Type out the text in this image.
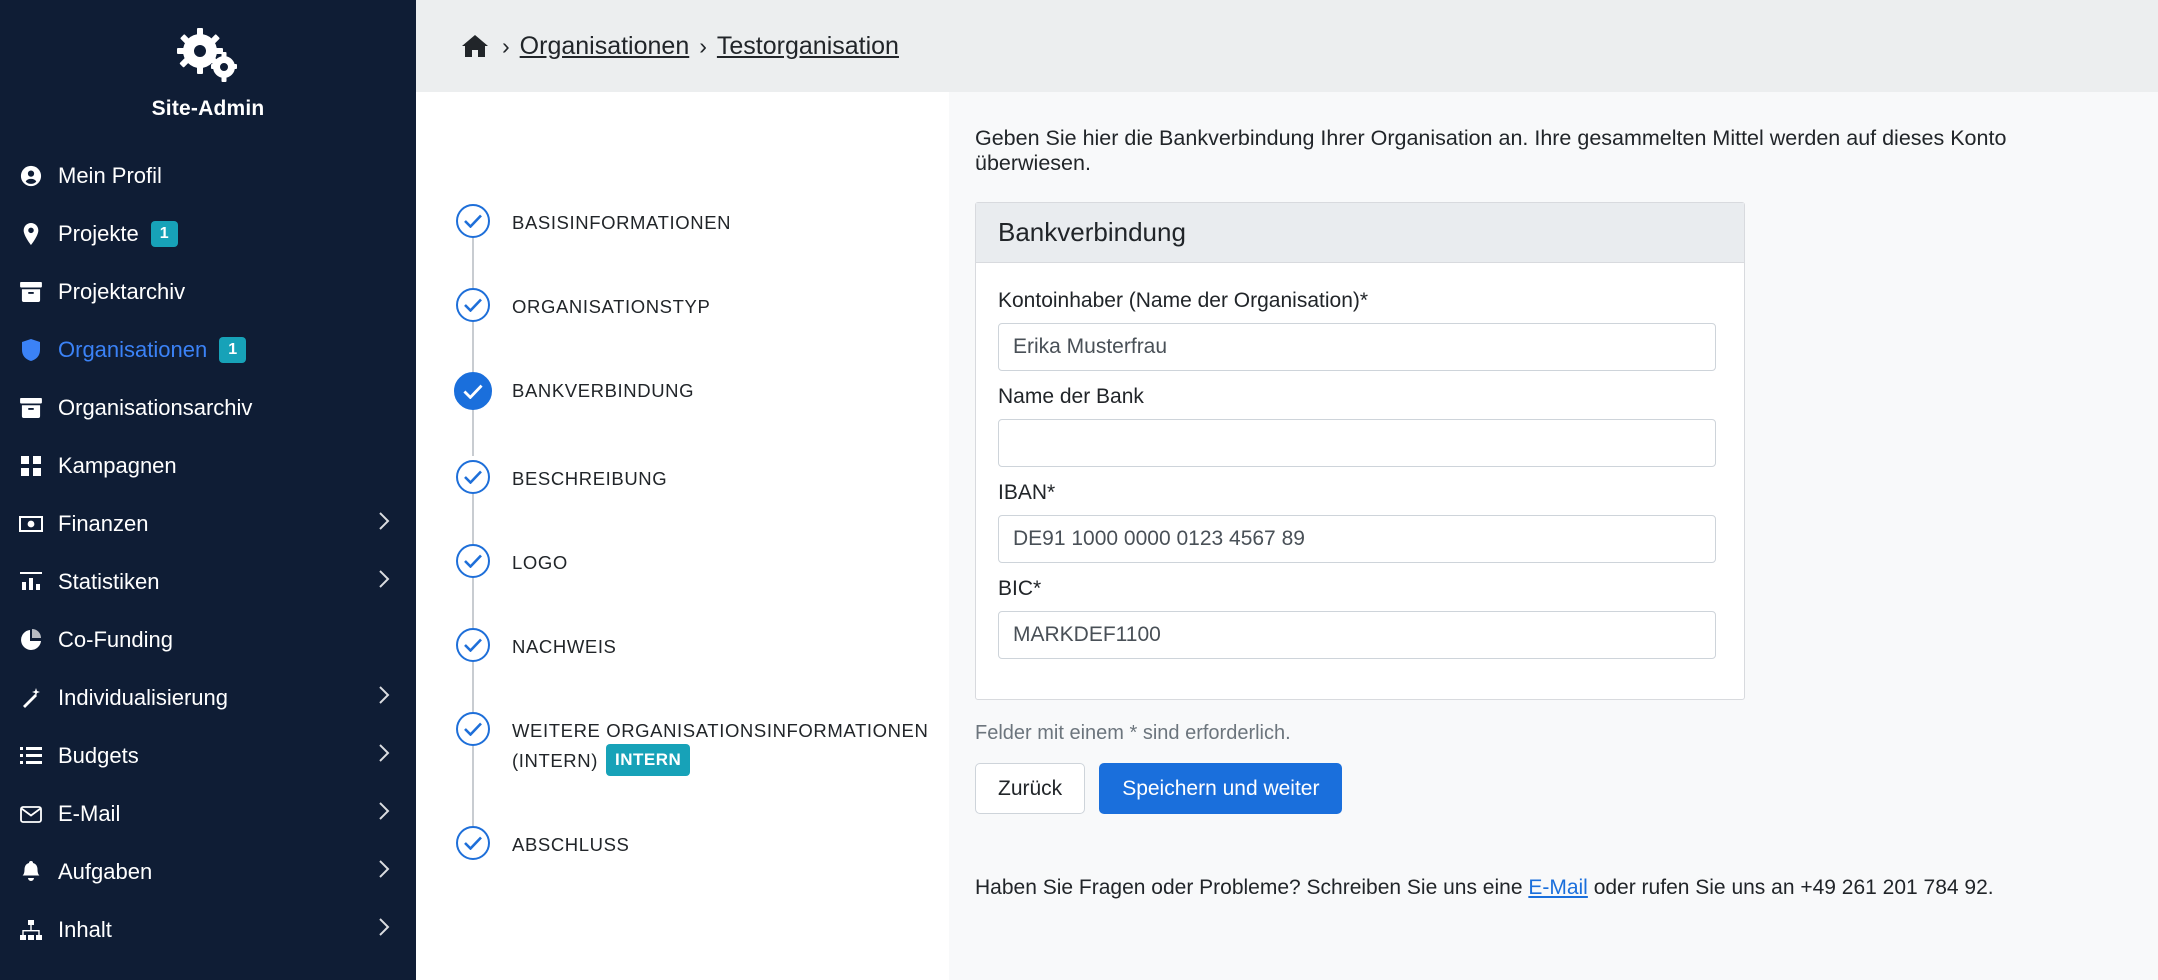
Site-Admin
Mein Profil
Projekte	1
Projektarchiv
Organisationen	1
Organisationsarchiv
Kampagnen
Finanzen
Statistiken
Co-Funding
Individualisierung
Budgets
E-Mail
Aufgaben
Inhalt
› Organisationen › Testorganisation
BASISINFORMATIONEN
ORGANISATIONSTYP
BANKVERBINDUNG
BESCHREIBUNG
LOGO
NACHWEIS
WEITERE ORGANISATIONSINFORMATIONEN (INTERN) INTERN
ABSCHLUSS

Geben Sie hier die Bankverbindung Ihrer Organisation an. Ihre gesammelten Mittel werden auf dieses Konto überwiesen.

Bankverbindung
Kontoinhaber (Name der Organisation)*
Erika Musterfrau
Name der Bank
IBAN*
DE91 1000 0000 0123 4567 89
BIC*
MARKDEF1100

Felder mit einem * sind erforderlich.

Zurück	Speichern und weiter

Haben Sie Fragen oder Probleme? Schreiben Sie uns eine E-Mail oder rufen Sie uns an +49 261 201 784 92.
